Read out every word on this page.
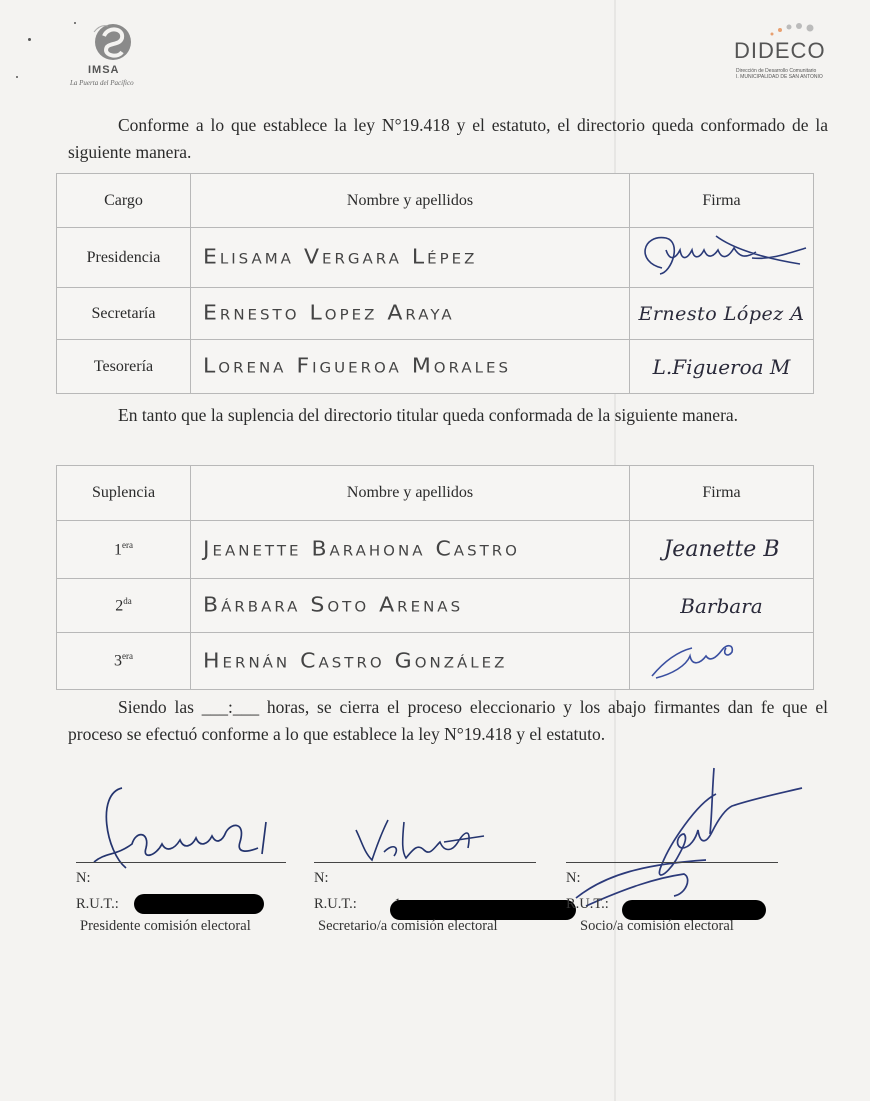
IMSA
La Puerta del Pacífico
DIDECO
Dirección de Desarrollo Comunitario
I. MUNICIPALIDAD DE SAN ANTONIO
Conforme a lo que establece la ley N°19.418 y el estatuto, el directorio queda conformado de la siguiente manera.
Cargo	Nombre y apellidos	Firma
Presidencia	Elisama Vergara Lépez	
Secretaría	Ernesto Lopez Araya	Ernesto López A
Tesorería	Lorena Figueroa Morales	L.Figueroa M
En tanto que la suplencia del directorio titular queda conformada de la siguiente manera.
Suplencia	Nombre y apellidos	Firma
$1^{era}$	Jeanette Barahona Castro	Jeanette B
$2^{da}$	Bárbara Soto Arenas	Barbara
$3^{era}$	Hernán Castro González	
Siendo las ___:___ horas, se cierra el proceso eleccionario y los abajo firmantes dan fe que el proceso se efectuó conforme a lo que establece la ley N°19.418 y el estatuto.
N:
R.U.T.:
Presidente comisión electoral
N:
R.U.T.:
Secretario/a comisión electoral
N:
R.U.T.:
Socio/a comisión electoral
